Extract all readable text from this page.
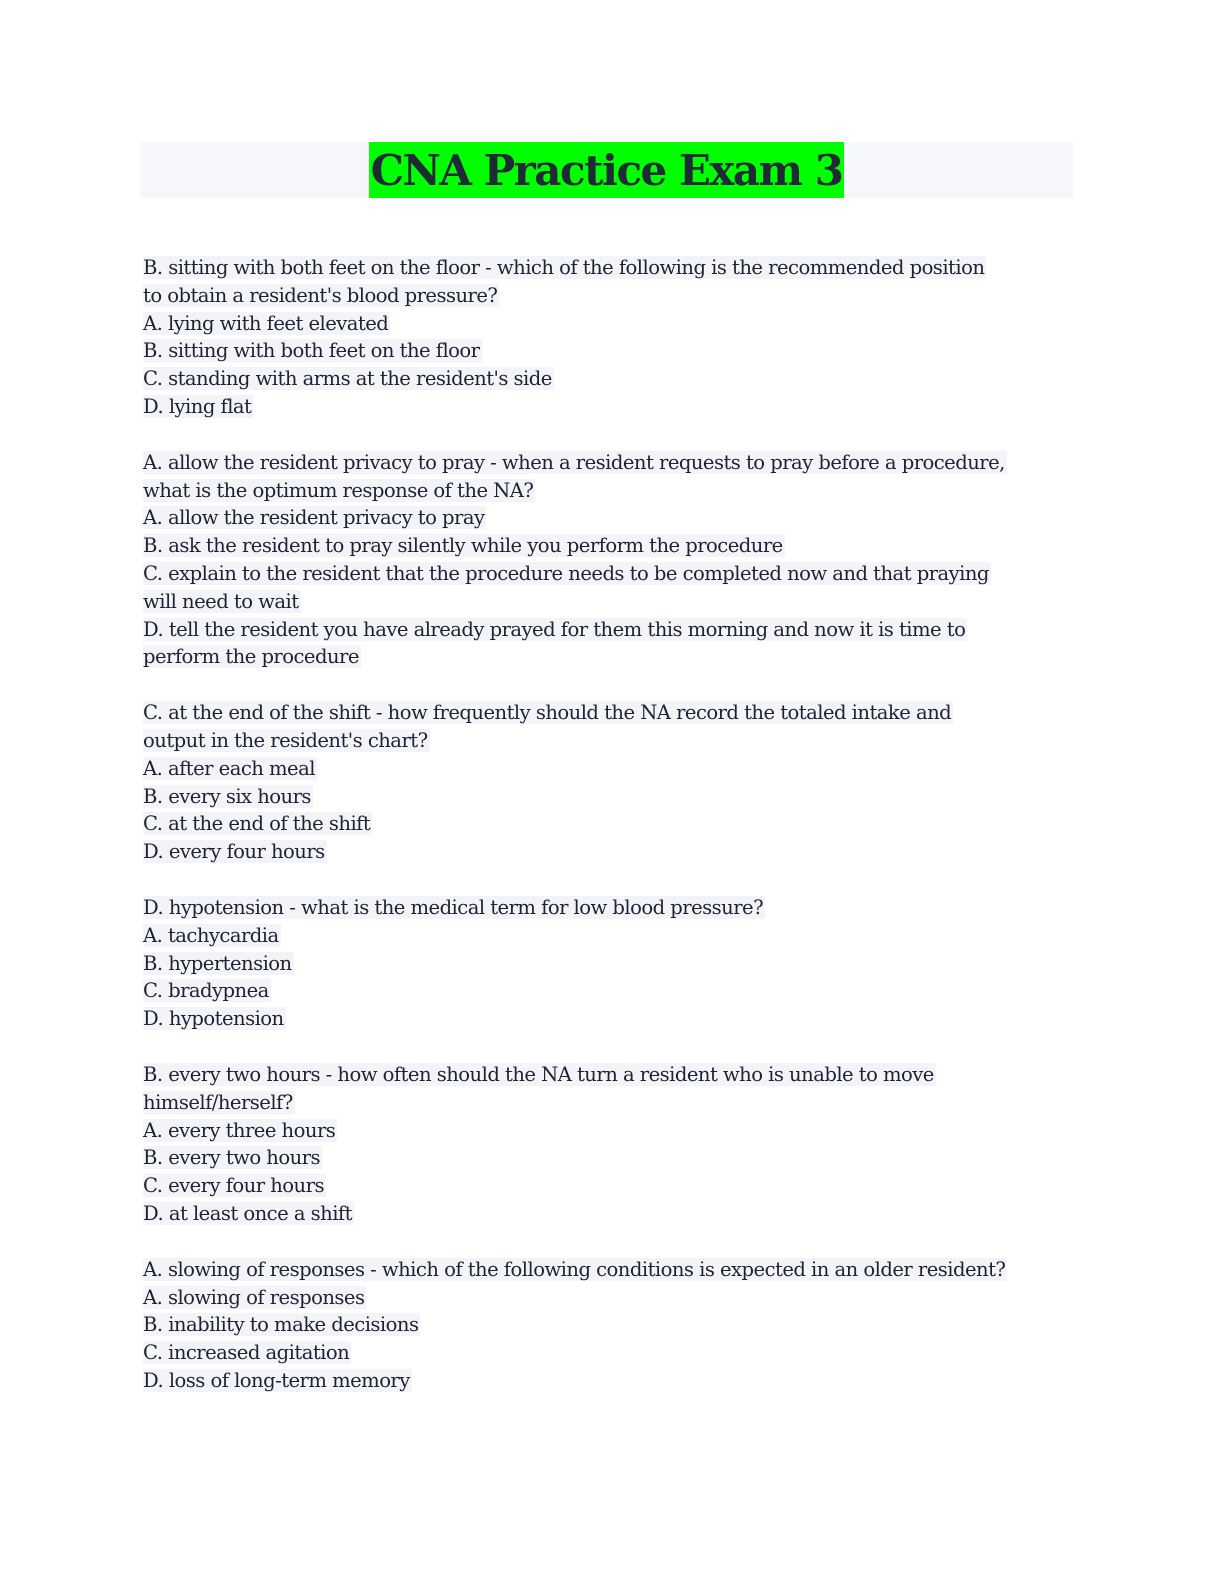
CNA Practice Exam 3
B. sitting with both feet on the floor - which of the following is the recommended position
to obtain a resident's blood pressure?
A. lying with feet elevated
B. sitting with both feet on the floor
C. standing with arms at the resident's side
D. lying flat
A. allow the resident privacy to pray - when a resident requests to pray before a procedure,
what is the optimum response of the NA?
A. allow the resident privacy to pray
B. ask the resident to pray silently while you perform the procedure
C. explain to the resident that the procedure needs to be completed now and that praying
will need to wait
D. tell the resident you have already prayed for them this morning and now it is time to
perform the procedure
C. at the end of the shift - how frequently should the NA record the totaled intake and
output in the resident's chart?
A. after each meal
B. every six hours
C. at the end of the shift
D. every four hours
D. hypotension - what is the medical term for low blood pressure?
A. tachycardia
B. hypertension
C. bradypnea
D. hypotension
B. every two hours - how often should the NA turn a resident who is unable to move
himself/herself?
A. every three hours
B. every two hours
C. every four hours
D. at least once a shift
A. slowing of responses - which of the following conditions is expected in an older resident?
A. slowing of responses
B. inability to make decisions
C. increased agitation
D. loss of long-term memory
